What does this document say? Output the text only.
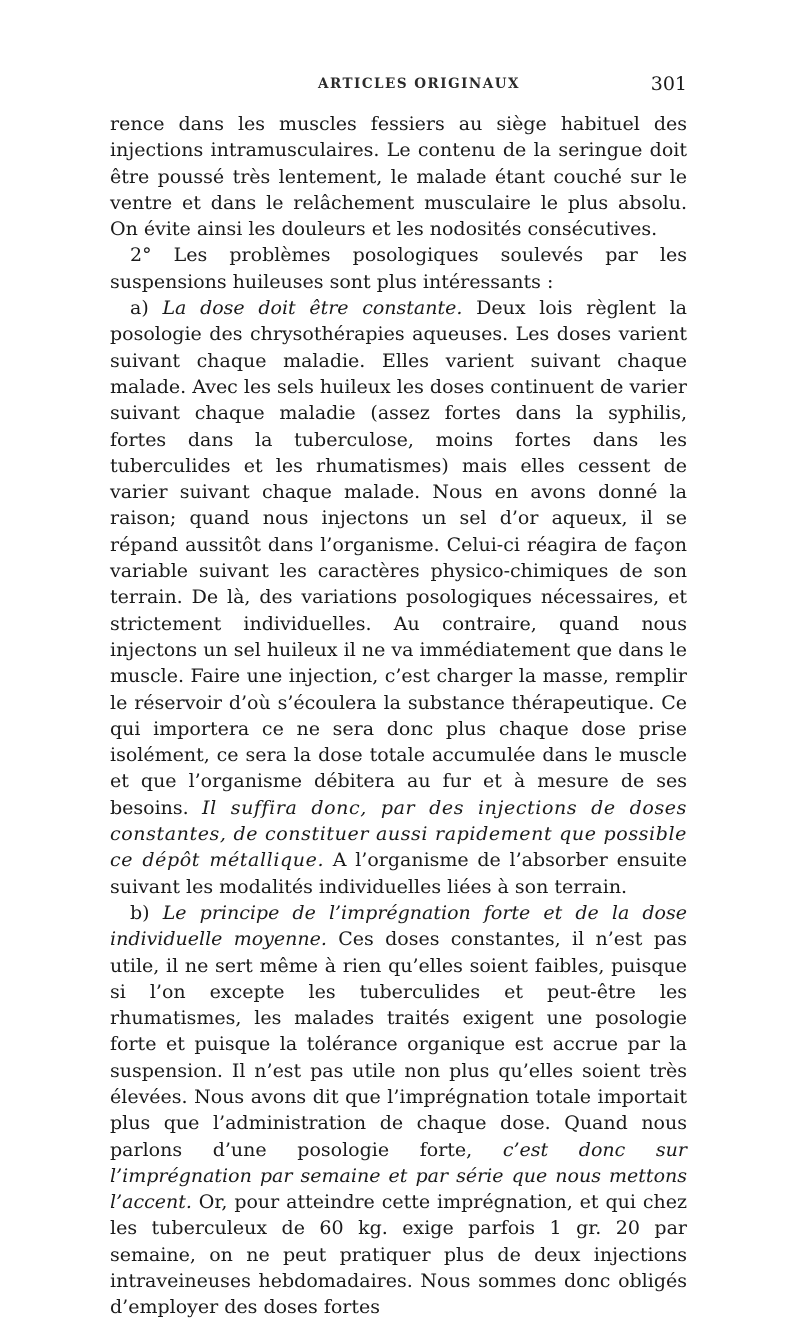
ARTICLES ORIGINAUX	301

rence dans les muscles fessiers au siège habituel des injections intramusculaires. Le contenu de la seringue doit être poussé très lentement, le malade étant couché sur le ventre et dans le relâchement musculaire le plus absolu. On évite ainsi les douleurs et les nodosités consécutives.

2° Les problèmes posologiques soulevés par les suspensions huileuses sont plus intéressants :

a) La dose doit être constante. Deux lois règlent la posologie des chrysothérapies aqueuses. Les doses varient suivant chaque maladie. Elles varient suivant chaque malade. Avec les sels huileux les doses continuent de varier suivant chaque maladie (assez fortes dans la syphilis, fortes dans la tuberculose, moins fortes dans les tuberculides et les rhumatismes) mais elles cessent de varier suivant chaque malade. Nous en avons donné la raison; quand nous injectons un sel d’or aqueux, il se répand aussitôt dans l’organisme. Celui-ci réagira de façon variable suivant les caractères physico-chimiques de son terrain. De là, des variations posologiques nécessaires, et strictement individuelles. Au contraire, quand nous injectons un sel huileux il ne va immédiatement que dans le muscle. Faire une injection, c’est charger la masse, remplir le réservoir d’où s’écoulera la substance thérapeutique. Ce qui importera ce ne sera donc plus chaque dose prise isolément, ce sera la dose totale accumulée dans le muscle et que l’organisme débitera au fur et à mesure de ses besoins. Il suffira donc, par des injections de doses constantes, de constituer aussi rapidement que possible ce dépôt métallique. A l’organisme de l’absorber ensuite suivant les modalités individuelles liées à son terrain.

b) Le principe de l’imprégnation forte et de la dose individuelle moyenne. Ces doses constantes, il n’est pas utile, il ne sert même à rien qu’elles soient faibles, puisque si l’on excepte les tuberculides et peut-être les rhumatismes, les malades traités exigent une posologie forte et puisque la tolérance organique est accrue par la suspension. Il n’est pas utile non plus qu’elles soient très élevées. Nous avons dit que l’imprégnation totale importait plus que l’administration de chaque dose. Quand nous parlons d’une posologie forte, c’est donc sur l’imprégnation par semaine et par série que nous mettons l’accent. Or, pour atteindre cette imprégnation, et qui chez les tuberculeux de 60 kg. exige parfois 1 gr. 20 par semaine, on ne peut pratiquer plus de deux injections intraveineuses hebdomadaires. Nous sommes donc obligés d’employer des doses fortes
